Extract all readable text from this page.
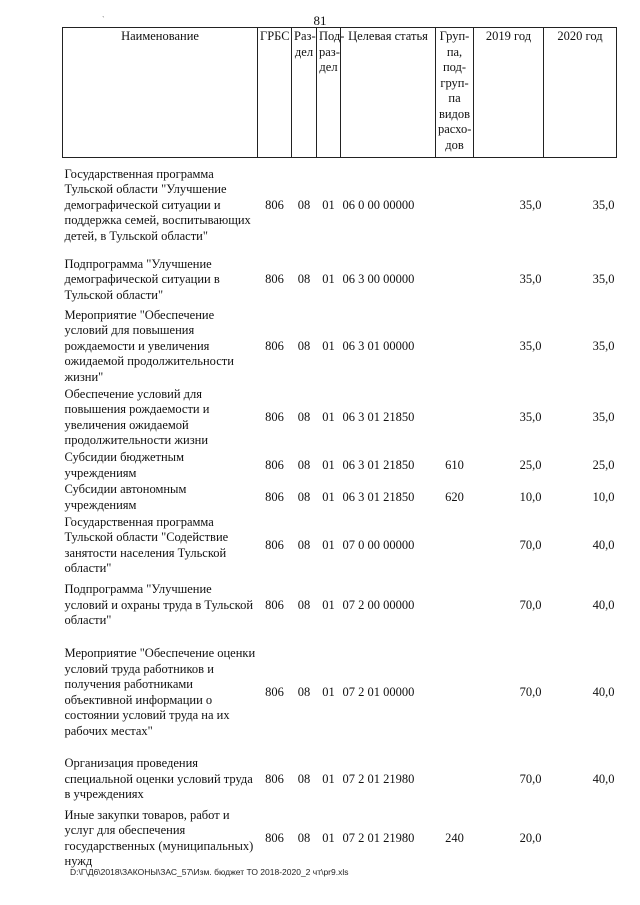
81
ˋ
Наименование	ГРБС	Раз-дел	Под-раз-дел	Целевая статья	Груп-па, под-груп-па видов расхо-дов	2019 год	2020 год
Государственная программа Тульской области "Улучшение демографической ситуации и поддержка семей, воспитывающих детей, в Тульской области"	806	08	01	06 0 00 00000		35,0	35,0
Подпрограмма "Улучшение демографической ситуации в Тульской области"	806	08	01	06 3 00 00000		35,0	35,0
Мероприятие "Обеспечение условий для повышения рождаемости и увеличения ожидаемой продолжительности жизни"	806	08	01	06 3 01 00000		35,0	35,0
Обеспечение условий для повышения рождаемости и увеличения ожидаемой продолжительности жизни	806	08	01	06 3 01 21850		35,0	35,0
Субсидии бюджетным учреждениям	806	08	01	06 3 01 21850	610	25,0	25,0
Субсидии автономным учреждениям	806	08	01	06 3 01 21850	620	10,0	10,0
Государственная программа Тульской области "Содействие занятости населения Тульской области"	806	08	01	07 0 00 00000		70,0	40,0
Подпрограмма "Улучшение условий и охраны труда в Тульской области"	806	08	01	07 2 00 00000		70,0	40,0
Мероприятие "Обеспечение оценки условий труда работников и получения работниками объективной информации о состоянии условий труда на их рабочих местах"	806	08	01	07 2 01 00000		70,0	40,0
Организация проведения специальной оценки условий труда в учреждениях	806	08	01	07 2 01 21980		70,0	40,0
Иные закупки товаров, работ и услуг для обеспечения государственных (муниципальных) нужд	806	08	01	07 2 01 21980	240	20,0	
D:\Г\Д6\2018\ЗАКОНЫ\ЗАС_57\Изм. бюджет ТО 2018-2020_2 чт\pr9.xls
